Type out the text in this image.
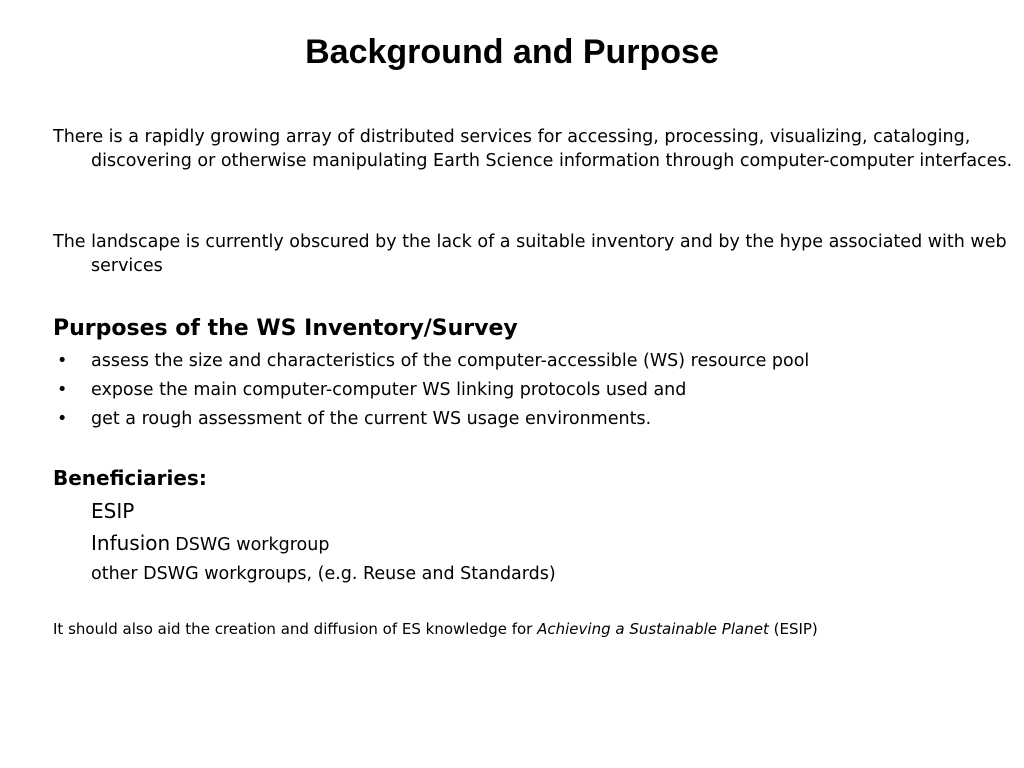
Background and Purpose

There is a rapidly growing array of distributed services for accessing, processing, visualizing, cataloging, discovering or otherwise manipulating Earth Science information through computer-computer interfaces.

The landscape is currently obscured by the lack of a suitable inventory and by the hype associated with web services

Purposes of the WS Inventory/Survey
• assess the size and characteristics of the computer-accessible (WS) resource pool
• expose the main computer-computer WS linking protocols used and
• get a rough assessment of the current WS usage environments.
Beneficiaries:

ESIP

Infusion DSWG workgroup

other DSWG workgroups, (e.g. Reuse and Standards)

It should also aid the creation and diffusion of ES knowledge for Achieving a Sustainable Planet (ESIP)
